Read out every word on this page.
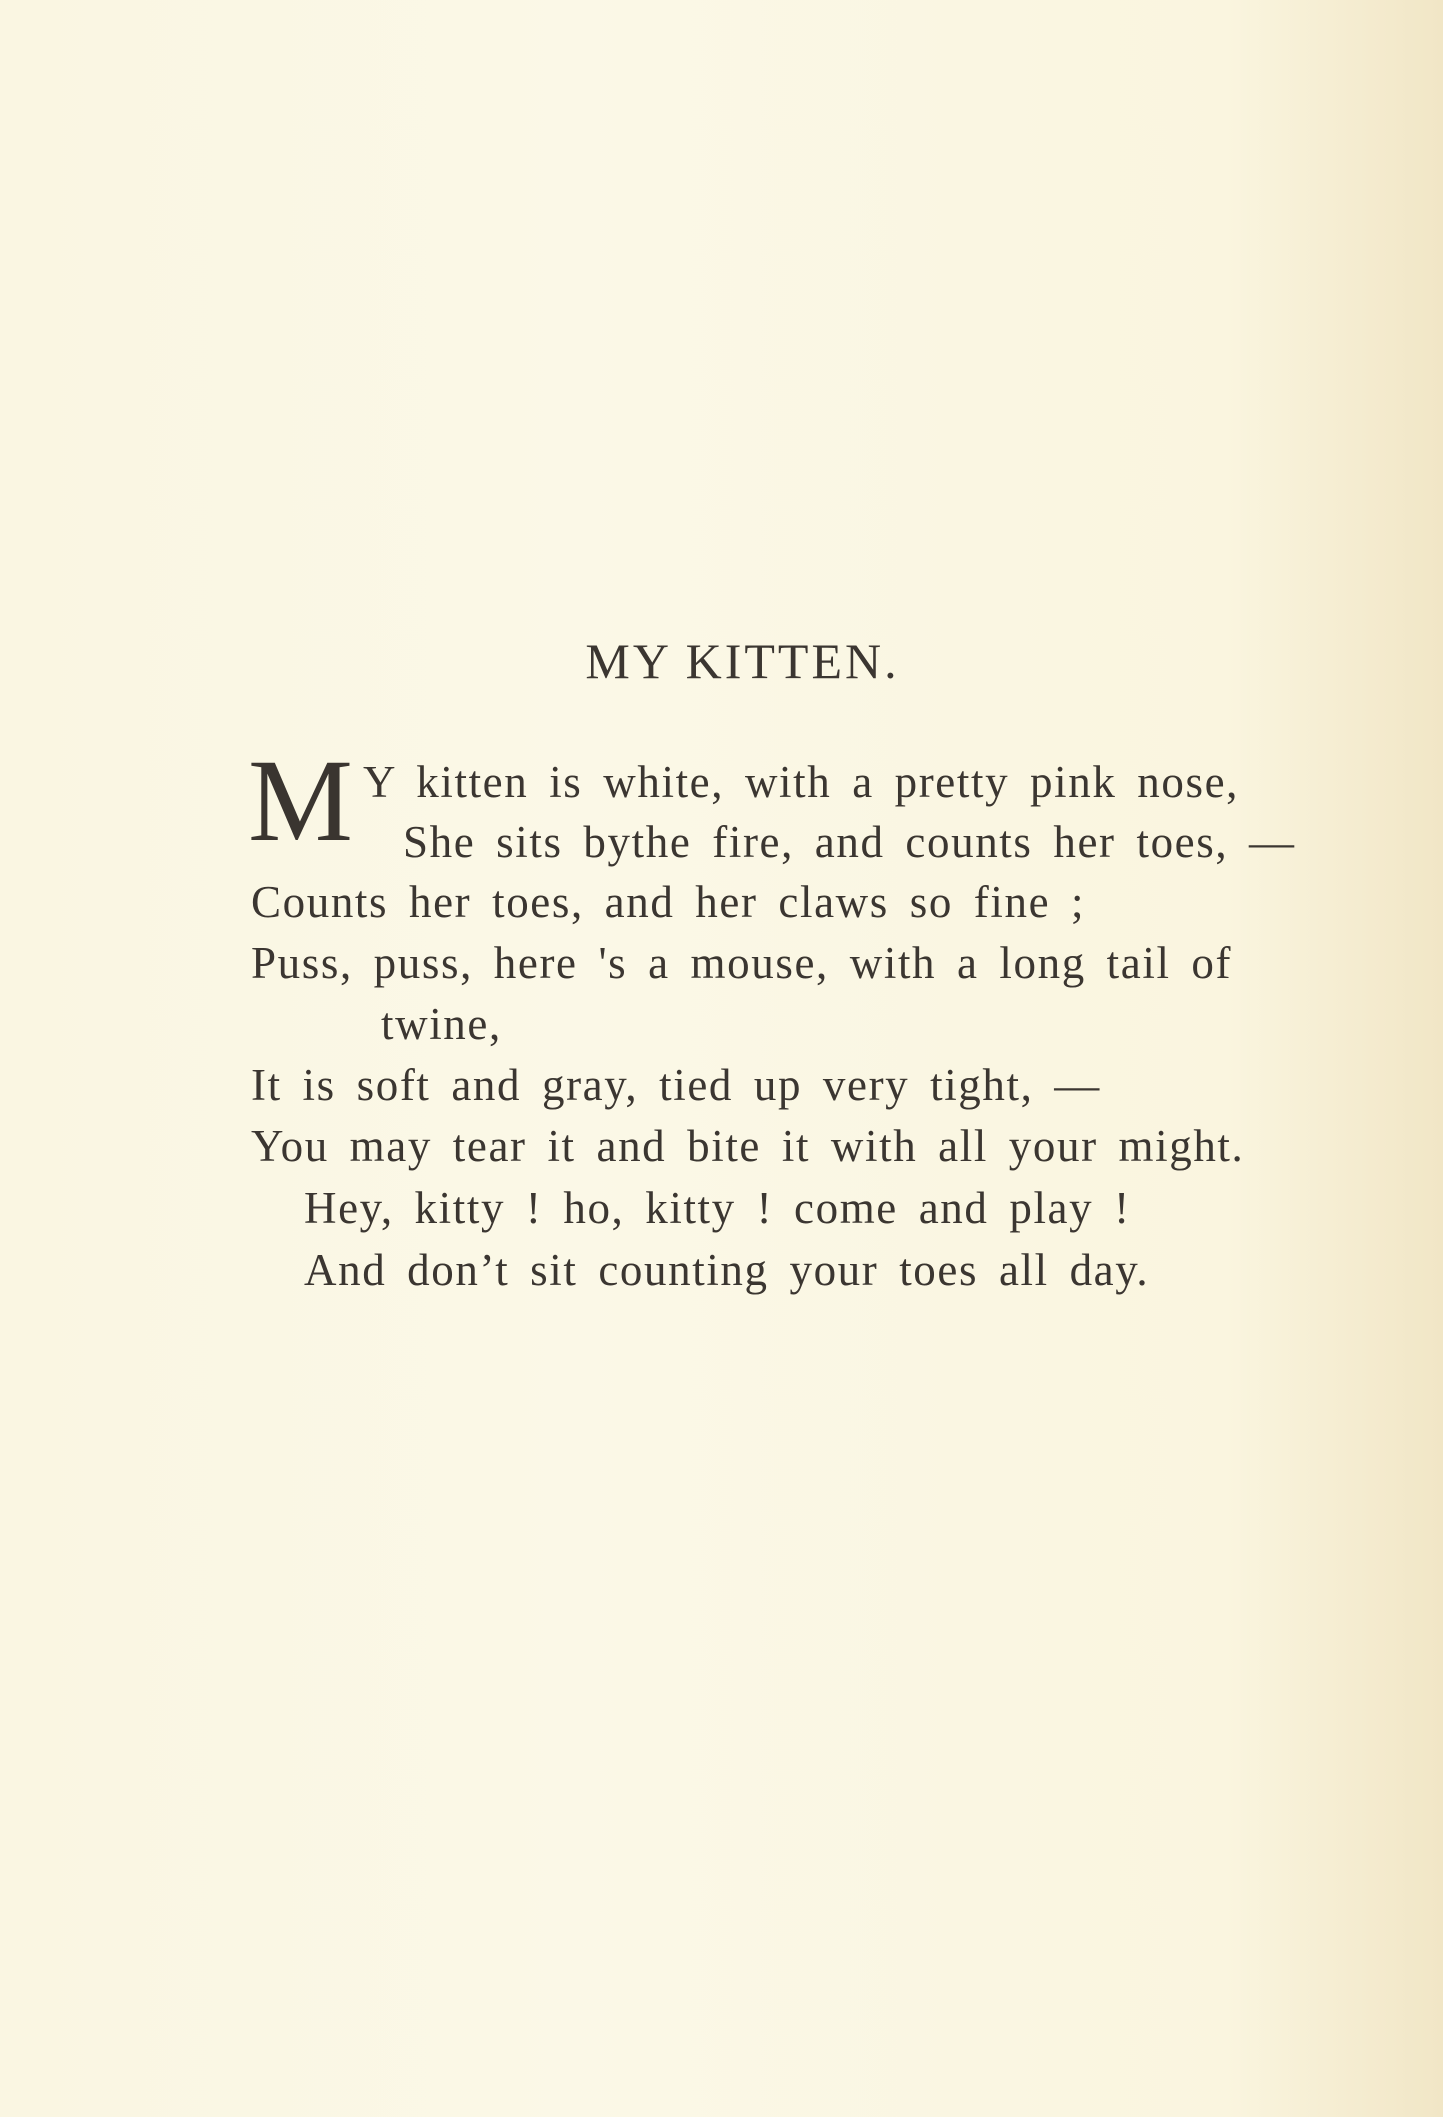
MY KITTEN.
M Y kitten is white, with a pretty pink nose,
She sits bythe fire, and counts her toes, —
Counts her toes, and her claws so fine ;
Puss, puss, here 's a mouse, with a long tail of
twine,
It is soft and gray, tied up very tight, —
You may tear it and bite it with all your might.
Hey, kitty ! ho, kitty ! come and play !
And don’t sit counting your toes all day.
